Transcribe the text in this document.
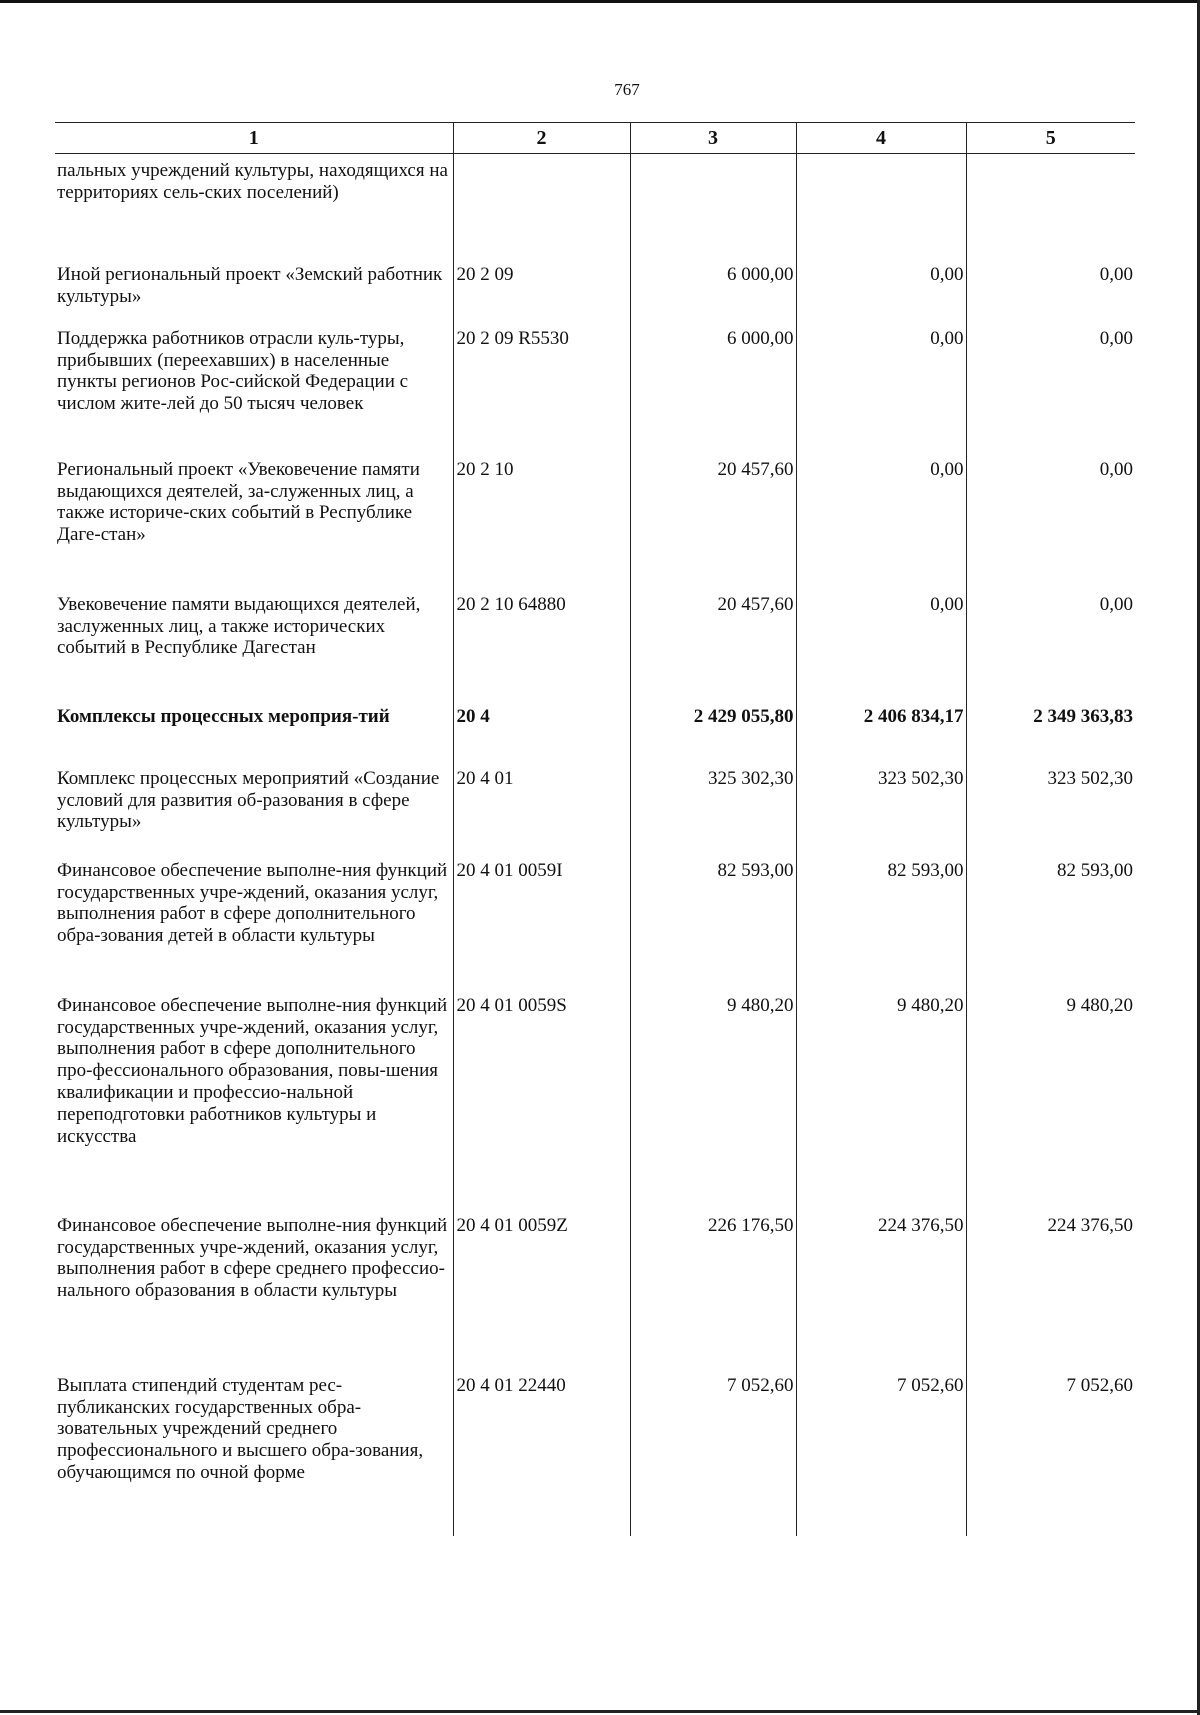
767
1	2	3	4	5
пальных учреждений культуры, находящихся на территориях сель-ских поселений)				
Иной региональный проект «Земский работник культуры»	20 2 09	6 000,00	0,00	0,00
Поддержка работников отрасли куль-туры, прибывших (переехавших) в населенные пункты регионов Рос-сийской Федерации с числом жите-лей до 50 тысяч человек	20 2 09 R5530	6 000,00	0,00	0,00
Региональный проект «Увековечение памяти выдающихся деятелей, за-служенных лиц, а также историче-ских событий в Республике Даге-стан»	20 2 10	20 457,60	0,00	0,00
Увековечение памяти выдающихся деятелей, заслуженных лиц, а также исторических событий в Республике Дагестан	20 2 10 64880	20 457,60	0,00	0,00
Комплексы процессных мероприя-тий	20 4	2 429 055,80	2 406 834,17	2 349 363,83
Комплекс процессных мероприятий «Создание условий для развития об-разования в сфере культуры»	20 4 01	325 302,30	323 502,30	323 502,30
Финансовое обеспечение выполне-ния функций государственных учре-ждений, оказания услуг, выполнения работ в сфере дополнительного обра-зования детей в области культуры	20 4 01 0059I	82 593,00	82 593,00	82 593,00
Финансовое обеспечение выполне-ния функций государственных учре-ждений, оказания услуг, выполнения работ в сфере дополнительного про-фессионального образования, повы-шения квалификации и профессио-нальной переподготовки работников культуры и искусства	20 4 01 0059S	9 480,20	9 480,20	9 480,20
Финансовое обеспечение выполне-ния функций государственных учре-ждений, оказания услуг, выполнения работ в сфере среднего профессио-нального образования в области культуры	20 4 01 0059Z	226 176,50	224 376,50	224 376,50
Выплата стипендий студентам рес-публиканских государственных обра-зовательных учреждений среднего профессионального и высшего обра-зования, обучающимся по очной форме	20 4 01 22440	7 052,60	7 052,60	7 052,60
